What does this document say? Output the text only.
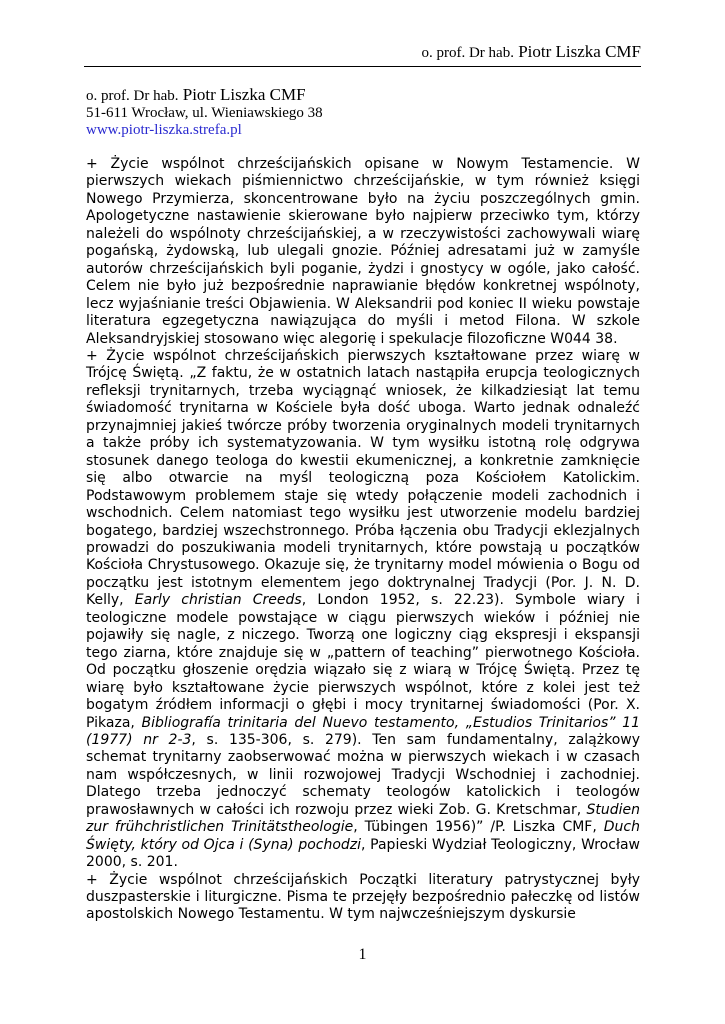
o. prof. Dr hab. Piotr Liszka CMF
o. prof. Dr hab. Piotr Liszka CMF
51-611 Wrocław, ul. Wieniawskiego 38
www.piotr-liszka.strefa.pl

+ Życie wspólnot chrześcijańskich opisane w Nowym Testamencie. W pierwszych wiekach piśmiennictwo chrześcijańskie, w tym również księgi Nowego Przymierza, skoncentrowane było na życiu poszczególnych gmin. Apologetyczne nastawienie skierowane było najpierw przeciwko tym, którzy należeli do wspólnoty chrześcijańskiej, a w rzeczywistości zachowywali wiarę pogańską, żydowską, lub ulegali gnozie. Później adresatami już w zamyśle autorów chrześcijańskich byli poganie, żydzi i gnostycy w ogóle, jako całość. Celem nie było już bezpośrednie naprawianie błędów konkretnej wspólnoty, lecz wyjaśnianie treści Objawienia. W Aleksandrii pod koniec II wieku powstaje literatura egzegetyczna nawiązująca do myśli i metod Filona. W szkole Aleksandryjskiej stosowano więc alegorię i spekulacje filozoficzne W044 38.

+ Życie wspólnot chrześcijańskich pierwszych kształtowane przez wiarę w Trójcę Świętą. „Z faktu, że w ostatnich latach nastąpiła erupcja teologicznych refleksji trynitarnych, trzeba wyciągnąć wniosek, że kilkadziesiąt lat temu świadomość trynitarna w Kościele była dość uboga. Warto jednak odnaleźć przynajmniej jakieś twórcze próby tworzenia oryginalnych modeli trynitarnych a także próby ich systematyzowania. W tym wysiłku istotną rolę odgrywa stosunek danego teologa do kwestii ekumenicznej, a konkretnie zamknięcie się albo otwarcie na myśl teologiczną poza Kościołem Katolickim. Podstawowym problemem staje się wtedy połączenie modeli zachodnich i wschodnich. Celem natomiast tego wysiłku jest utworzenie modelu bardziej bogatego, bardziej wszechstronnego. Próba łączenia obu Tradycji eklezjalnych prowadzi do poszukiwania modeli trynitarnych, które powstają u początków Kościoła Chrystusowego. Okazuje się, że trynitarny model mówienia o Bogu od początku jest istotnym elementem jego doktrynalnej Tradycji (Por. J. N. D. Kelly, Early christian Creeds, London 1952, s. 22.23). Symbole wiary i teologiczne modele powstające w ciągu pierwszych wieków i później nie pojawiły się nagle, z niczego. Tworzą one logiczny ciąg ekspresji i ekspansji tego ziarna, które znajduje się w „pattern of teaching” pierwotnego Kościoła. Od początku głoszenie orędzia wiązało się z wiarą w Trójcę Świętą. Przez tę wiarę było kształtowane życie pierwszych wspólnot, które z kolei jest też bogatym źródłem informacji o głębi i mocy trynitarnej świadomości (Por. X. Pikaza, Bibliografía trinitaria del Nuevo testamento, „Estudios Trinitarios” 11 (1977) nr 2-3, s. 135-306, s. 279). Ten sam fundamentalny, zalążkowy schemat trynitarny zaobserwować można w pierwszych wiekach i w czasach nam współczesnych, w linii rozwojowej Tradycji Wschodniej i zachodniej. Dlatego trzeba jednoczyć schematy teologów katolickich i teologów prawosławnych w całości ich rozwoju przez wieki Zob. G. Kretschmar, Studien zur frühchristlichen Trinitätstheologie, Tübingen 1956)” /P. Liszka CMF, Duch Święty, który od Ojca i (Syna) pochodzi, Papieski Wydział Teologiczny, Wrocław 2000, s. 201.

+ Życie wspólnot chrześcijańskich Początki literatury patrystycznej były duszpasterskie i liturgiczne. Pisma te przejęły bezpośrednio pałeczkę od listów apostolskich Nowego Testamentu. W tym najwcześniejszym dyskursie

1
